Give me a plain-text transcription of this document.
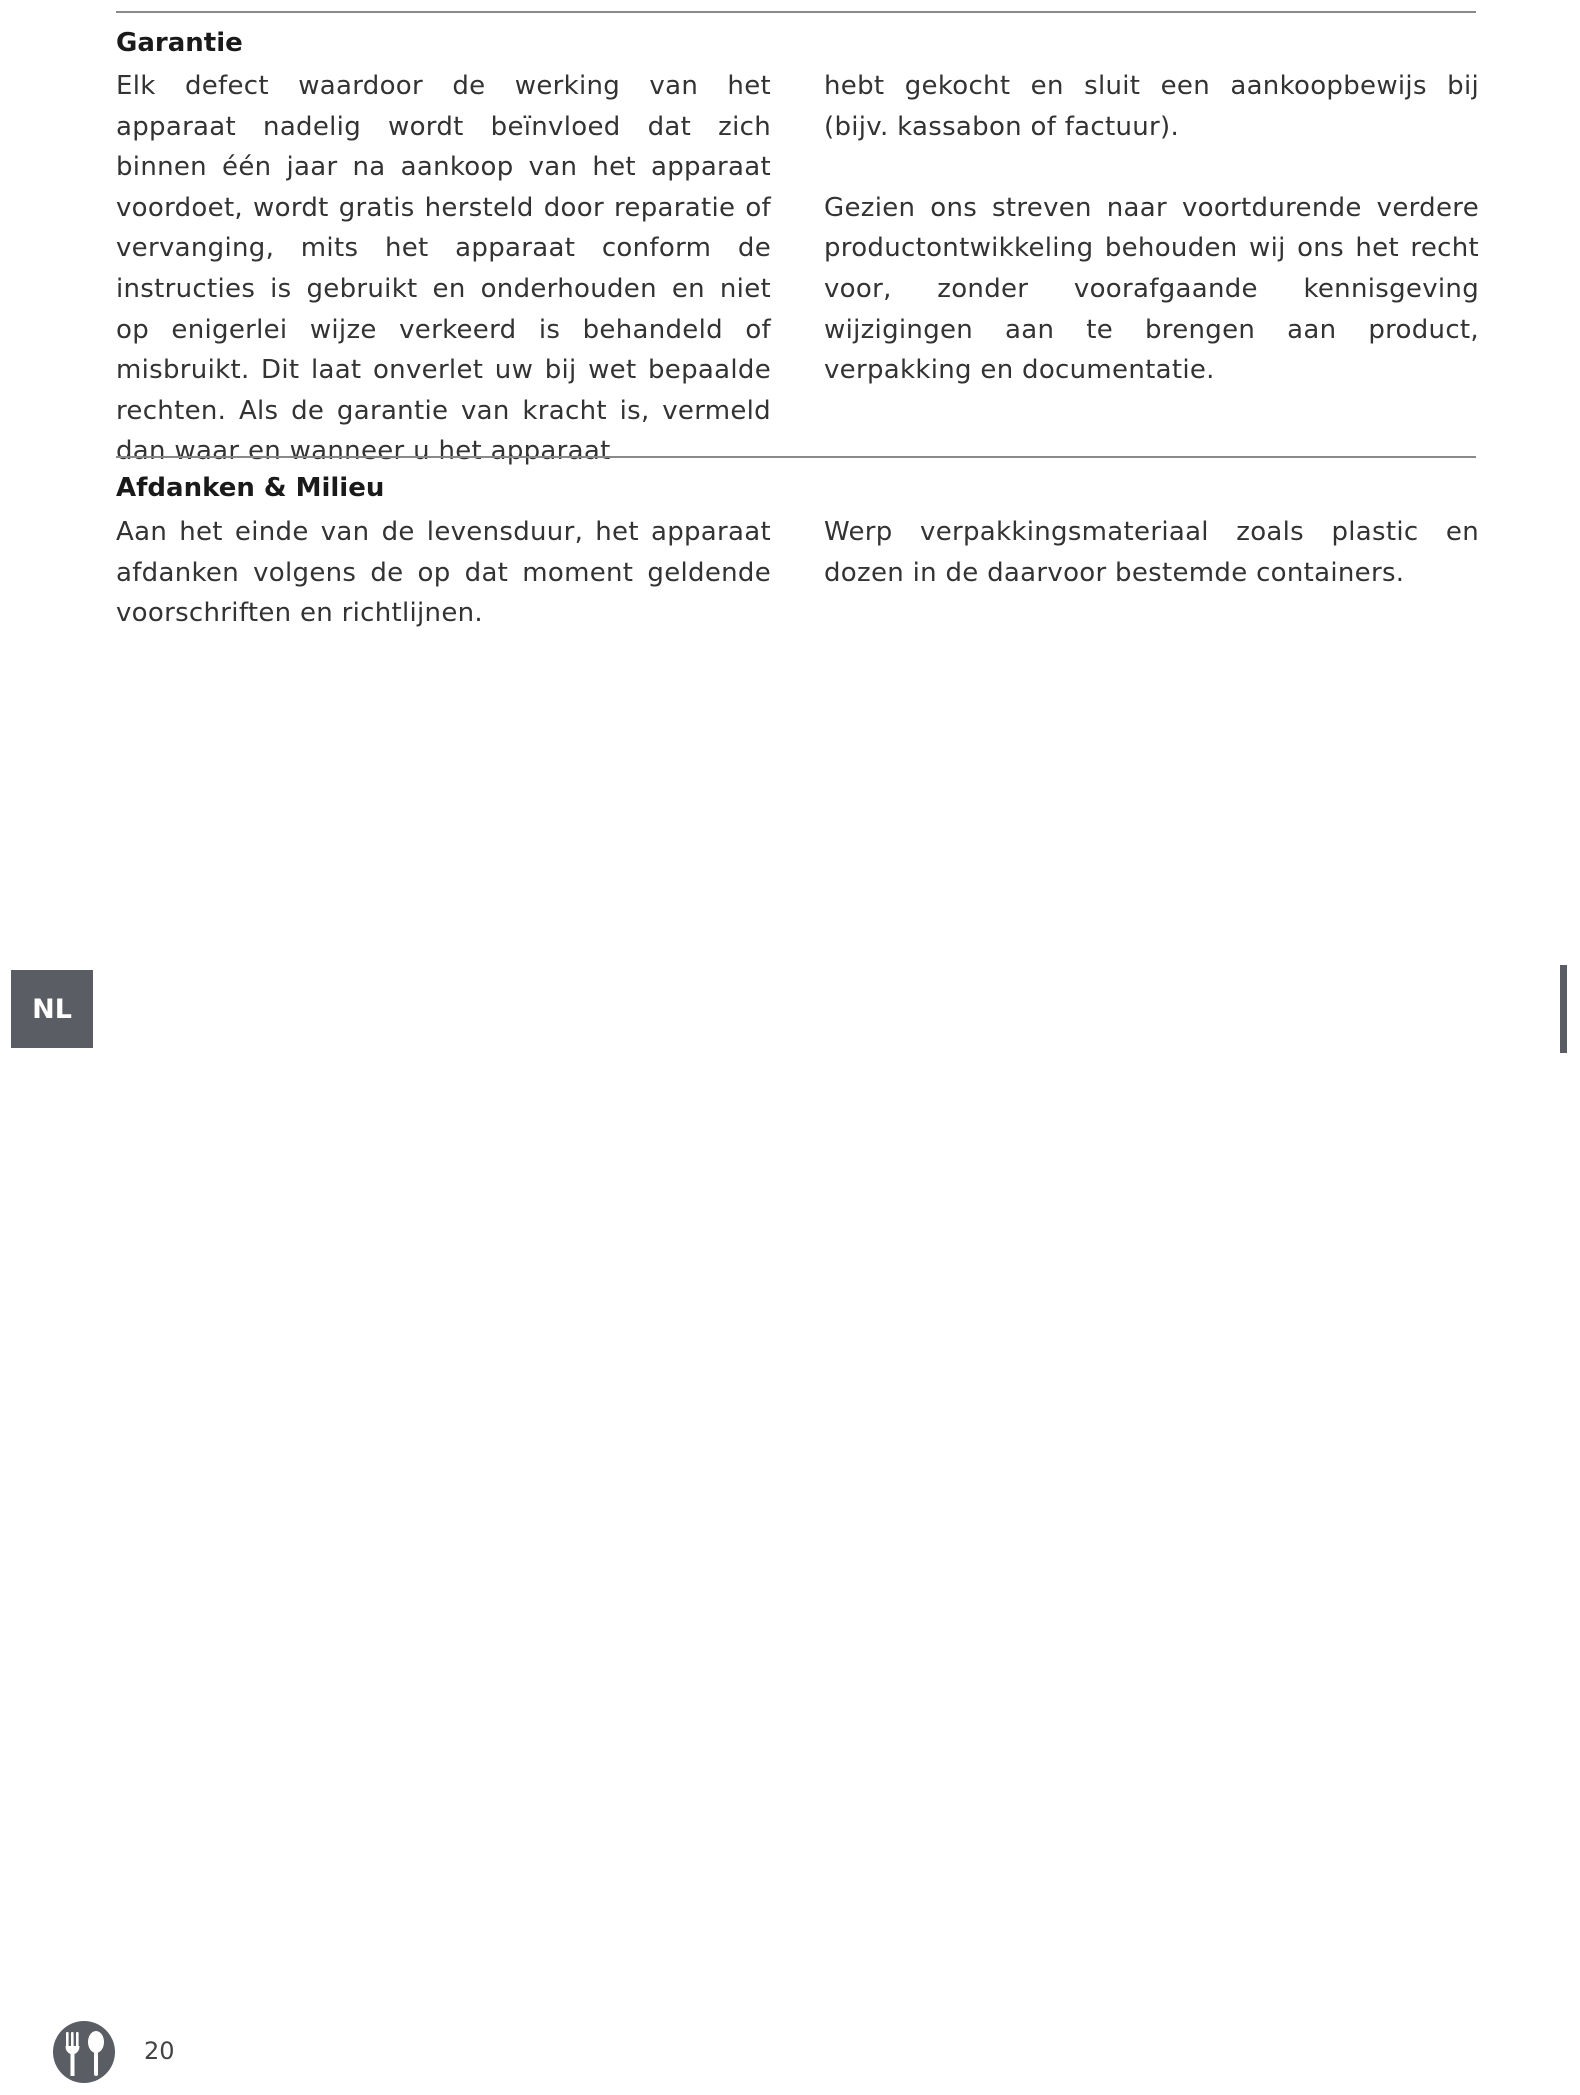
Garantie

Elk defect waardoor de werking van het apparaat nadelig wordt beïnvloed dat zich binnen één jaar na aankoop van het apparaat voordoet, wordt gratis hersteld door reparatie of vervanging, mits het apparaat conform de instructies is gebruikt en onderhouden en niet op enigerlei wijze verkeerd is behandeld of misbruikt. Dit laat onverlet uw bij wet bepaalde rechten. Als de garantie van kracht is, vermeld dan waar en wanneer u het apparaat

hebt gekocht en sluit een aankoopbewijs bij (bijv. kassabon of factuur).

Gezien ons streven naar voortdurende verdere productontwikkeling behouden wij ons het recht voor, zonder voorafgaande kennisgeving wijzigingen aan te brengen aan product, verpakking en documentatie.

Afdanken & Milieu

Aan het einde van de levensduur, het apparaat afdanken volgens de op dat moment geldende voorschriften en richtlijnen.

Werp verpakkingsmateriaal zoals plastic en dozen in de daarvoor bestemde containers.

NL
20
